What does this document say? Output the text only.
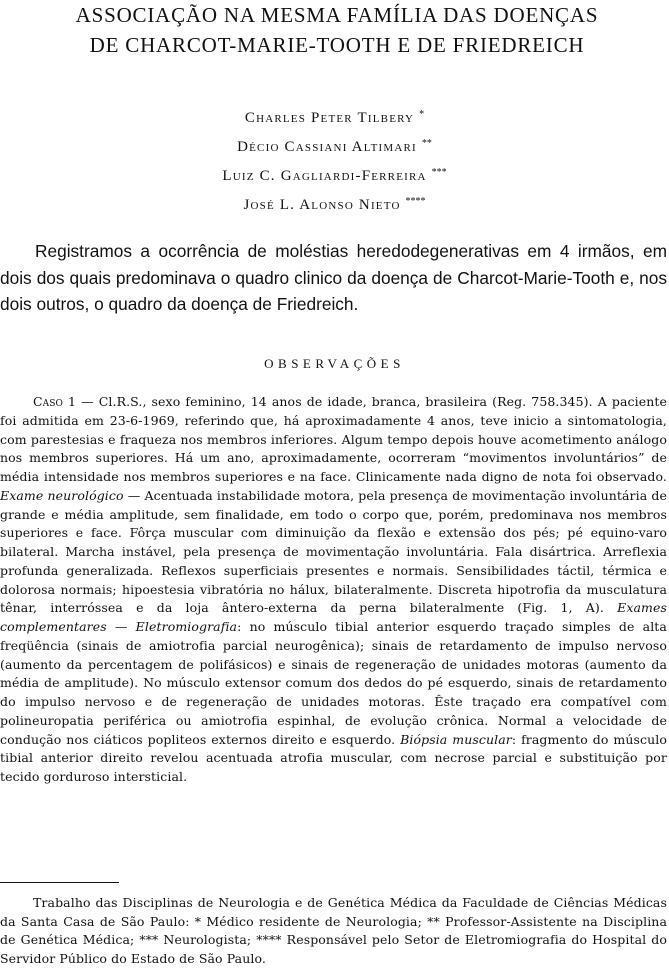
ASSOCIAÇÃO NA MESMA FAMÍLIA DAS DOENÇAS
DE CHARCOT-MARIE-TOOTH E DE FRIEDREICH
Charles Peter Tilbery *
Décio Cassiani Altimari **
Luiz C. Gagliardi-Ferreira ***
José L. Alonso Nieto ****
Registramos a ocorrência de moléstias heredodegenerativas em 4 irmãos, em dois dos quais predominava o quadro clinico da doença de Charcot-Marie-Tooth e, nos dois outros, o quadro da doença de Friedreich.
OBSERVAÇÕES
Caso 1 — Cl.R.S., sexo feminino, 14 anos de idade, branca, brasileira (Reg. 758.345). A paciente foi admitida em 23-6-1969, referindo que, há aproximadamente 4 anos, teve inicio a sintomatologia, com parestesias e fraqueza nos membros inferiores. Algum tempo depois houve acometimento análogo nos membros superiores. Há um ano, aproximadamente, ocorreram “movimentos involuntários” de média intensidade nos membros superiores e na face. Clinicamente nada digno de nota foi observado. Exame neurológico — Acentuada instabilidade motora, pela presença de movimentação involuntária de grande e média amplitude, sem finalidade, em todo o corpo que, porém, predominava nos membros superiores e face. Fôrça muscular com diminuição da flexão e extensão dos pés; pé equino-varo bilateral. Marcha instável, pela presença de movimentação involuntária. Fala disártrica. Arreflexia profunda generalizada. Reflexos superficiais presentes e normais. Sensibilidades táctil, térmica e dolorosa normais; hipoestesia vibratória no hálux, bilateralmente. Discreta hipotrofia da musculatura tênar, interróssea e da loja ântero-externa da perna bilateralmente (Fig. 1, A). Exames complementares — Eletromiografia: no músculo tibial anterior esquerdo traçado simples de alta freqüência (sinais de amiotrofia parcial neurogênica); sinais de retardamento de impulso nervoso (aumento da percentagem de polifásicos) e sinais de regeneração de unidades motoras (aumento da média de amplitude). No músculo extensor comum dos dedos do pé esquerdo, sinais de retardamento do impulso nervoso e de regeneração de unidades motoras. Êste traçado era compatível com polineuropatia periférica ou amiotrofia espinhal, de evolução crônica. Normal a velocidade de condução nos ciáticos popliteos externos direito e esquerdo. Biópsia muscular: fragmento do músculo tibial anterior direito revelou acentuada atrofia muscular, com necrose parcial e substituição por tecido gorduroso intersticial.
Trabalho das Disciplinas de Neurologia e de Genética Médica da Faculdade de Ciências Médicas da Santa Casa de São Paulo: * Médico residente de Neurologia; ** Professor-Assistente na Disciplina de Genética Médica; *** Neurologista; **** Responsável pelo Setor de Eletromiografia do Hospital do Servidor Público do Estado de São Paulo.
